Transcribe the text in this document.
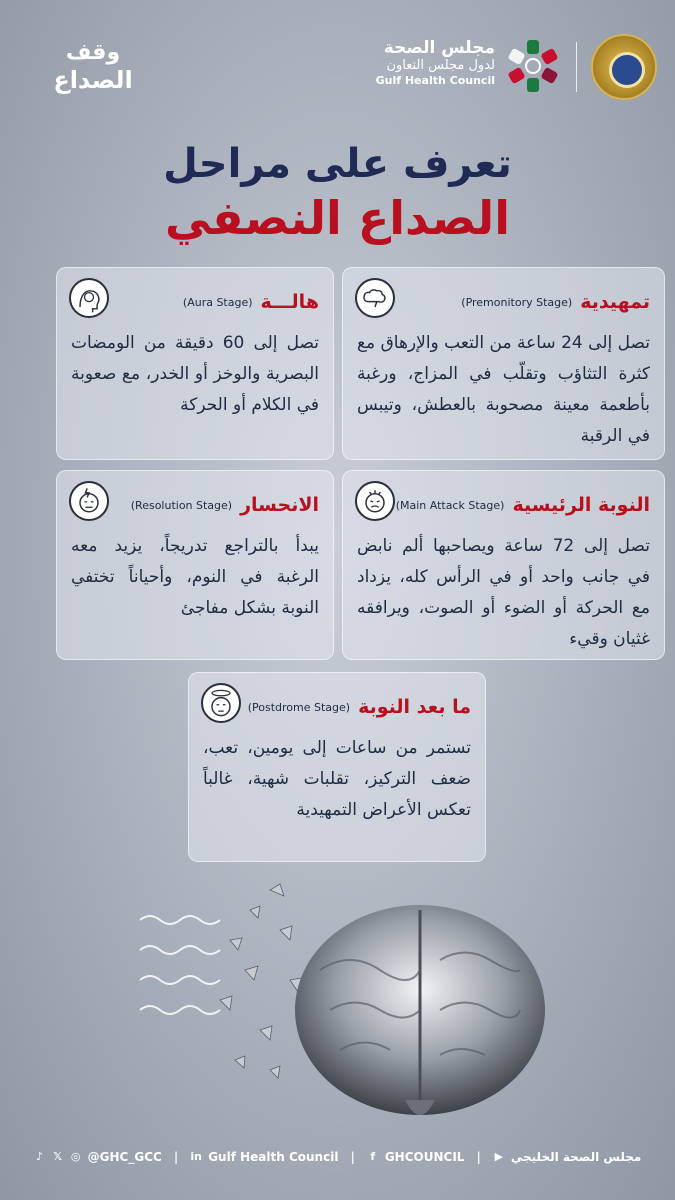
وقف
الصداع
مجلس الصحة
لدول مجلس التعاون
Gulf Health Council
تعرف على مراحل
الصداع النصفي
تمهيدية
(Premonitory Stage)
تصل إلى 24 ساعة من التعب والإرهاق مع كثرة التثاؤب وتقلّب في المزاج، ورغبة بأطعمة معينة مصحوبة بالعطش، وتيبس في الرقبة
هالـــة
(Aura Stage)
تصل إلى 60 دقيقة من الومضات البصرية والوخز أو الخدر، مع صعوبة في الكلام أو الحركة
النوبة الرئيسية
(Main Attack Stage)
تصل إلى 72 ساعة ويصاحبها ألم نابض في جانب واحد أو في الرأس كله، يزداد مع الحركة أو الضوء أو الصوت، ويرافقه غثيان وقيء
الانحسار
(Resolution Stage)
يبدأ بالتراجع تدريجاً، يزيد معه الرغبة في النوم، وأحياناً تختفي النوبة بشكل مفاجئ
ما بعد النوبة
(Postdrome Stage)
تستمر من ساعات إلى يومين، تعب، ضعف التركيز، تقلبات شهية، غالباً تعكس الأعراض التمهيدية
♪ 𝕏 ◎ @GHC_GCC | in Gulf Health Council |	f GHCOUNCIL |	مجلس الصحة الخليجي
▶
